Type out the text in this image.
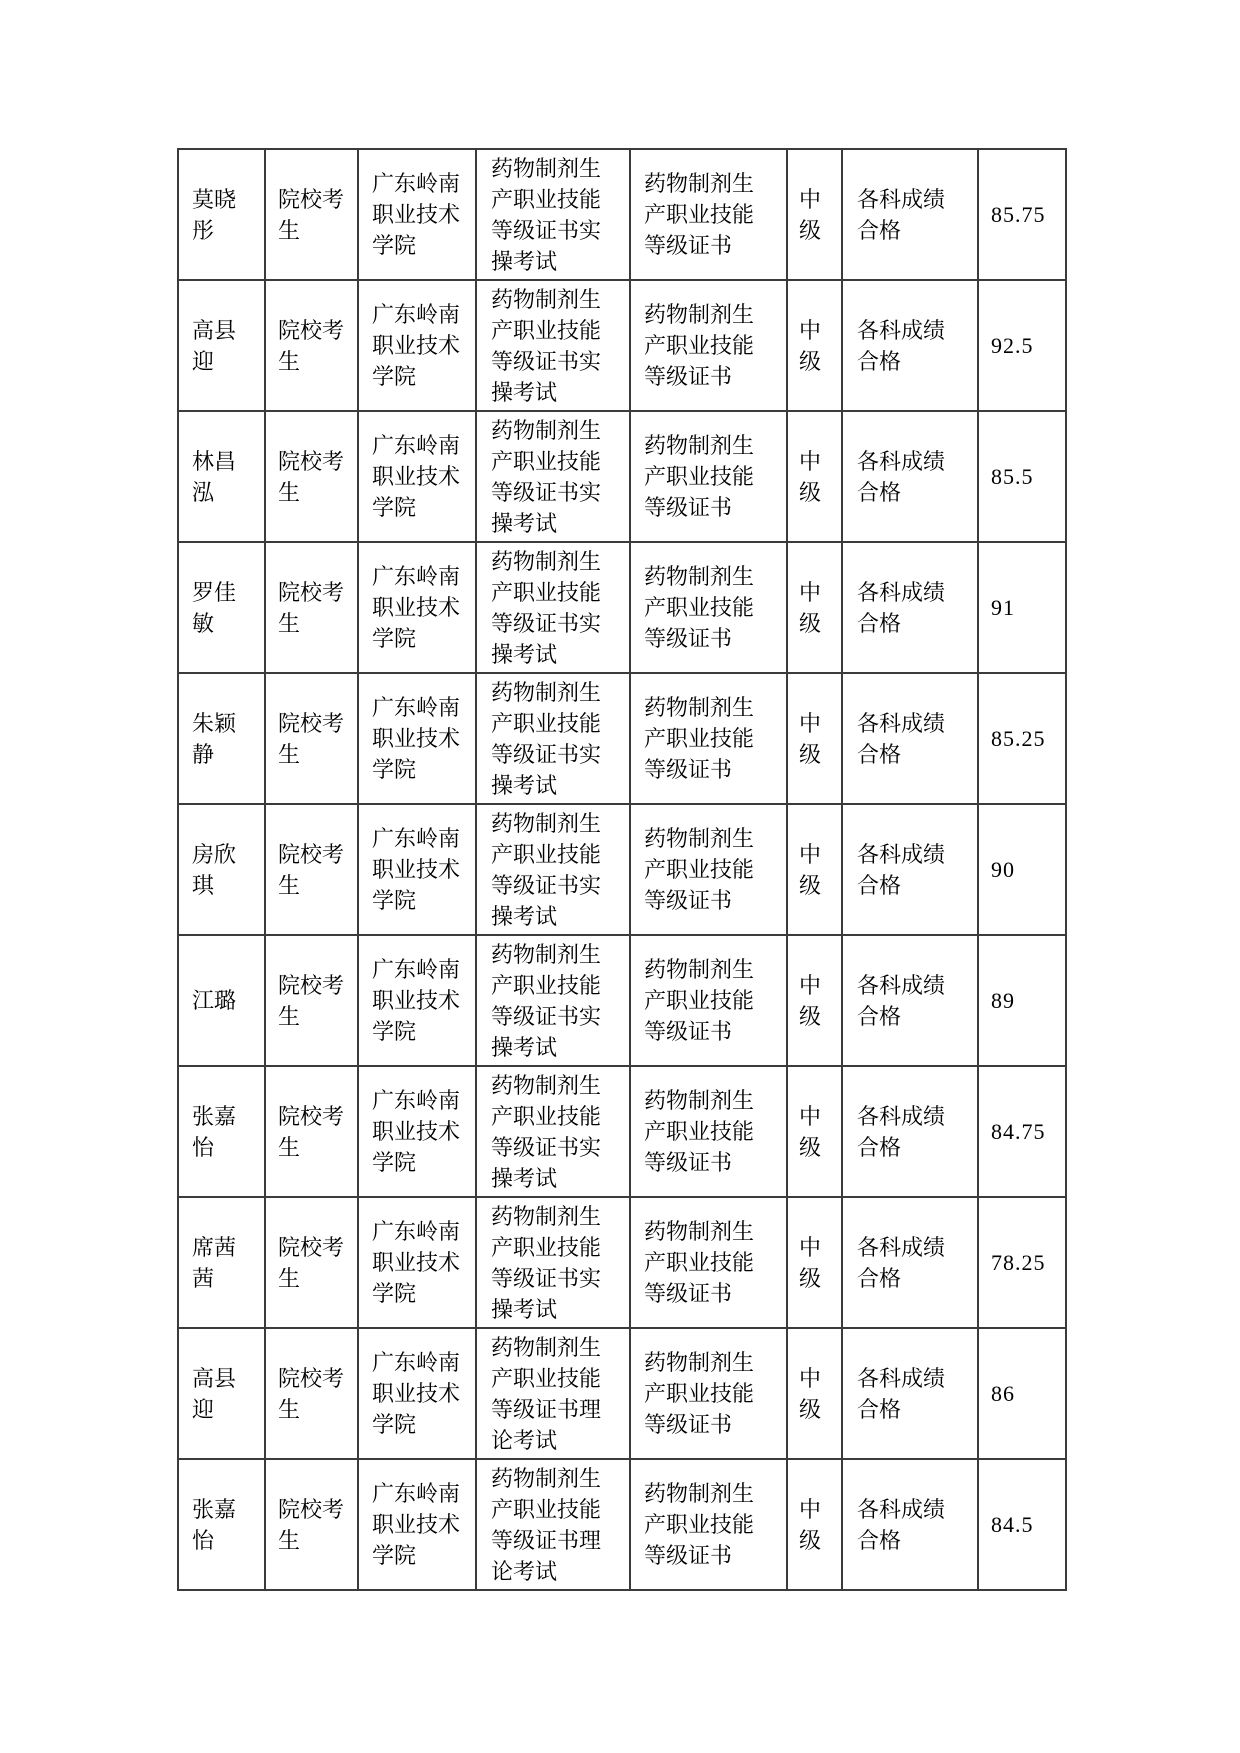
莫晓彤	院校考生	广东岭南职业技术学院	药物制剂生产职业技能等级证书实操考试	药物制剂生产职业技能等级证书	中级	各科成绩合格	85.75
高县迎	院校考生	广东岭南职业技术学院	药物制剂生产职业技能等级证书实操考试	药物制剂生产职业技能等级证书	中级	各科成绩合格	92.5
林昌泓	院校考生	广东岭南职业技术学院	药物制剂生产职业技能等级证书实操考试	药物制剂生产职业技能等级证书	中级	各科成绩合格	85.5
罗佳敏	院校考生	广东岭南职业技术学院	药物制剂生产职业技能等级证书实操考试	药物制剂生产职业技能等级证书	中级	各科成绩合格	91
朱颖静	院校考生	广东岭南职业技术学院	药物制剂生产职业技能等级证书实操考试	药物制剂生产职业技能等级证书	中级	各科成绩合格	85.25
房欣琪	院校考生	广东岭南职业技术学院	药物制剂生产职业技能等级证书实操考试	药物制剂生产职业技能等级证书	中级	各科成绩合格	90
江璐	院校考生	广东岭南职业技术学院	药物制剂生产职业技能等级证书实操考试	药物制剂生产职业技能等级证书	中级	各科成绩合格	89
张嘉怡	院校考生	广东岭南职业技术学院	药物制剂生产职业技能等级证书实操考试	药物制剂生产职业技能等级证书	中级	各科成绩合格	84.75
席茜茜	院校考生	广东岭南职业技术学院	药物制剂生产职业技能等级证书实操考试	药物制剂生产职业技能等级证书	中级	各科成绩合格	78.25
高县迎	院校考生	广东岭南职业技术学院	药物制剂生产职业技能等级证书理论考试	药物制剂生产职业技能等级证书	中级	各科成绩合格	86
张嘉怡	院校考生	广东岭南职业技术学院	药物制剂生产职业技能等级证书理论考试	药物制剂生产职业技能等级证书	中级	各科成绩合格	84.5
